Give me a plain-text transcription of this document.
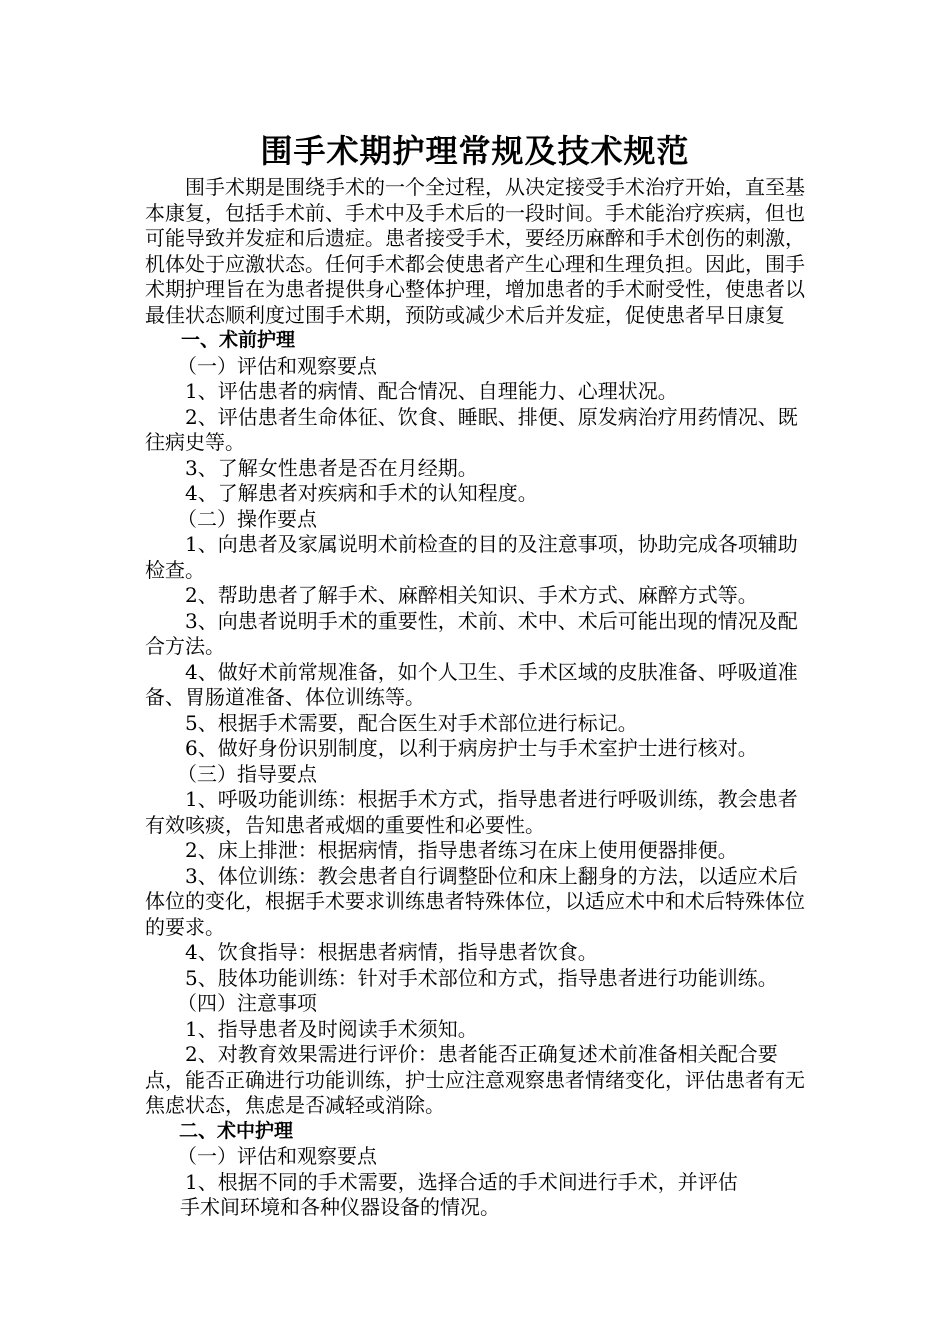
围手术期护理常规及技术规范

围手术期是围绕手术的一个全过程，从决定接受手术治疗开始，直至基本康复，包括手术前、手术中及手术后的一段时间。手术能治疗疾病，但也可能导致并发症和后遗症。患者接受手术，要经历麻醉和手术创伤的刺激，机体处于应激状态。任何手术都会使患者产生心理和生理负担。因此，围手术期护理旨在为患者提供身心整体护理，增加患者的手术耐受性，使患者以最佳状态顺利度过围手术期，预防或减少术后并发症，促使患者早日康复

一、术前护理

（一）评估和观察要点

1、评估患者的病情、配合情况、自理能力、心理状况。

2、评估患者生命体征、饮食、睡眠、排便、原发病治疗用药情况、既往病史等。

3、了解女性患者是否在月经期。

4、了解患者对疾病和手术的认知程度。

（二）操作要点

1、向患者及家属说明术前检查的目的及注意事项，协助完成各项辅助检查。

2、帮助患者了解手术、麻醉相关知识、手术方式、麻醉方式等。

3、向患者说明手术的重要性，术前、术中、术后可能出现的情况及配合方法。

4、做好术前常规准备，如个人卫生、手术区域的皮肤准备、呼吸道准备、胃肠道准备、体位训练等。

5、根据手术需要，配合医生对手术部位进行标记。

6、做好身份识别制度，以利于病房护士与手术室护士进行核对。

（三）指导要点

1、呼吸功能训练：根据手术方式，指导患者进行呼吸训练，教会患者有效咳痰，告知患者戒烟的重要性和必要性。

2、床上排泄：根据病情，指导患者练习在床上使用便器排便。

3、体位训练：教会患者自行调整卧位和床上翻身的方法，以适应术后体位的变化，根据手术要求训练患者特殊体位，以适应术中和术后特殊体位的要求。

4、饮食指导：根据患者病情，指导患者饮食。

5、肢体功能训练：针对手术部位和方式，指导患者进行功能训练。

（四）注意事项

1、指导患者及时阅读手术须知。

2、对教育效果需进行评价：患者能否正确复述术前准备相关配合要点，能否正确进行功能训练，护士应注意观察患者情绪变化，评估患者有无焦虑状态，焦虑是否减轻或消除。

二、术中护理

（一）评估和观察要点

1、根据不同的手术需要，选择合适的手术间进行手术，并评估

手术间环境和各种仪器设备的情况。
